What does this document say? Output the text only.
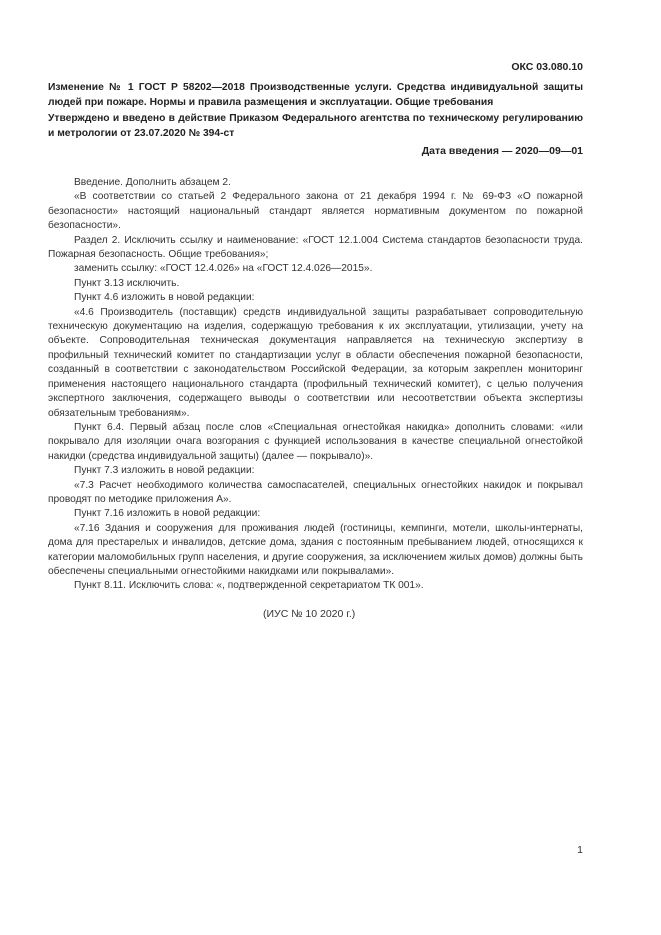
ОКС 03.080.10

Изменение № 1 ГОСТ Р 58202—2018 Производственные услуги. Средства индивидуальной защиты людей при пожаре. Нормы и правила размещения и эксплуатации. Общие требования

Утверждено и введено в действие Приказом Федерального агентства по техническому регулированию и метрологии от 23.07.2020 № 394-ст

Дата введения — 2020—09—01

Введение. Дополнить абзацем 2.

«В соответствии со статьей 2 Федерального закона от 21 декабря 1994 г. № 69-ФЗ «О пожарной безопасности» настоящий национальный стандарт является нормативным документом по пожарной безопасности».

Раздел 2. Исключить ссылку и наименование: «ГОСТ 12.1.004 Система стандартов безопасности труда. Пожарная безопасность. Общие требования»;

заменить ссылку: «ГОСТ 12.4.026» на «ГОСТ 12.4.026—2015».

Пункт 3.13 исключить.

Пункт 4.6 изложить в новой редакции:

«4.6 Производитель (поставщик) средств индивидуальной защиты разрабатывает сопроводительную техническую документацию на изделия, содержащую требования к их эксплуатации, утилизации, учету на объекте. Сопроводительная техническая документация направляется на техническую экспертизу в профильный технический комитет по стандартизации услуг в области обеспечения пожарной безопасности, созданный в соответствии с законодательством Российской Федерации, за которым закреплен мониторинг применения настоящего национального стандарта (профильный технический комитет), с целью получения экспертного заключения, содержащего выводы о соответствии или несоответствии объекта экспертизы обязательным требованиям».

Пункт 6.4. Первый абзац после слов «Специальная огнестойкая накидка» дополнить словами: «или покрывало для изоляции очага возгорания с функцией использования в качестве специальной огнестойкой накидки (средства индивидуальной защиты) (далее — покрывало)».

Пункт 7.3 изложить в новой редакции:

«7.3 Расчет необходимого количества самоспасателей, специальных огнестойких накидок и покрывал проводят по методике приложения А».

Пункт 7.16 изложить в новой редакции:

«7.16 Здания и сооружения для проживания людей (гостиницы, кемпинги, мотели, школы-интернаты, дома для престарелых и инвалидов, детские дома, здания с постоянным пребыванием людей, относящихся к категории маломобильных групп населения, и другие сооружения, за исключением жилых домов) должны быть обеспечены специальными огнестойкими накидками или покрывалами».

Пункт 8.11. Исключить слова: «, подтвержденной секретариатом ТК 001».

(ИУС № 10 2020 г.)
1
